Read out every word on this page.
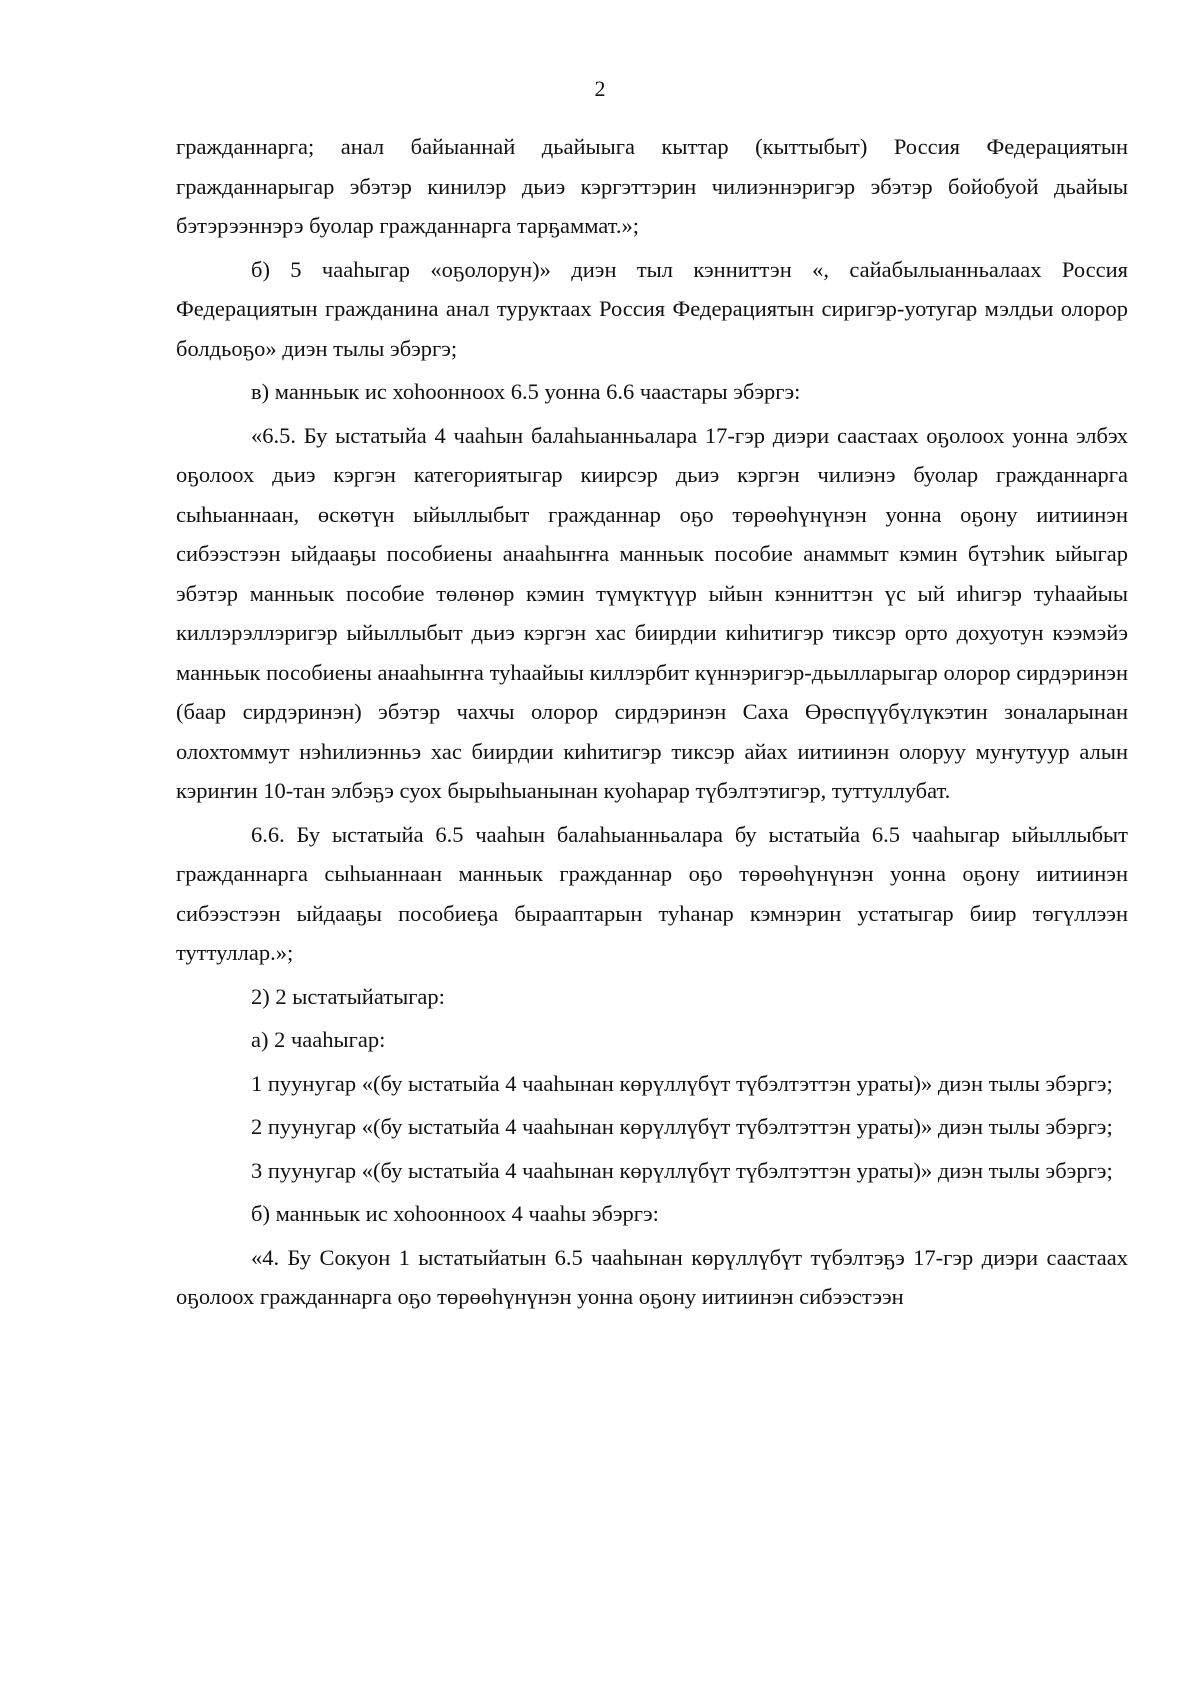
2

гражданнарга; анал байыаннай дьайыыга кыттар (кыттыбыт) Россия Федерациятын гражданнарыгар эбэтэр кинилэр дьиэ кэргэттэрин чилиэннэригэр эбэтэр бойобуой дьайыы бэтэрээннэрэ буолар гражданнарга тарҕаммат.»;

б) 5 чааһыгар «оҕолорун)» диэн тыл кэнниттэн «, сайабылыанньалаах Россия Федерациятын гражданина анал туруктаах Россия Федерациятын сиригэр-уотугар мэлдьи олорор болдьоҕо» диэн тылы эбэргэ;

в) манньык ис хоһоонноох 6.5 уонна 6.6 чаастары эбэргэ:

«6.5. Бу ыстатыйа 4 чааһын балаһыанньалара 17-гэр диэри саастаах оҕолоох уонна элбэх оҕолоох дьиэ кэргэн категориятыгар киирсэр дьиэ кэргэн чилиэнэ буолар гражданнарга сыһыаннаан, өскөтүн ыйыллыбыт гражданнар оҕо төрөөһүнүнэн уонна оҕону иитиинэн сибээстээн ыйдааҕы пособиены анааһыҥҥа манньык пособие анаммыт кэмин бүтэһик ыйыгар эбэтэр манньык пособие төлөнөр кэмин түмүктүүр ыйын кэнниттэн үс ый иһигэр туһаайыы киллэрэллэригэр ыйыллыбыт дьиэ кэргэн хас биирдии киһитигэр тиксэр орто дохуотун кээмэйэ манньык пособиены анааһыҥҥа туһаайыы киллэрбит күннэригэр-дьылларыгар олорор сирдэринэн (баар сирдэринэн) эбэтэр чахчы олорор сирдэринэн Саха Өрөспүүбүлүкэтин зоналарынан олохтоммут нэһилиэнньэ хас биирдии киһитигэр тиксэр айах иитиинэн олоруу муҥутуур алын кэриҥин 10-тан элбэҕэ суох бырыһыанынан куоһарар түбэлтэтигэр, туттуллубат.

6.6. Бу ыстатыйа 6.5 чааһын балаһыанньалара бу ыстатыйа 6.5 чааһыгар ыйыллыбыт гражданнарга сыһыаннаан манньык гражданнар оҕо төрөөһүнүнэн уонна оҕону иитиинэн сибээстээн ыйдааҕы пособиеҕа бырааптарын туһанар кэмнэрин устатыгар биир төгүллээн туттуллар.»;

2) 2 ыстатыйатыгар:

а) 2 чааһыгар:

1 пуунугар «(бу ыстатыйа 4 чааһынан көрүллүбүт түбэлтэттэн ураты)» диэн тылы эбэргэ;

2 пуунугар «(бу ыстатыйа 4 чааһынан көрүллүбүт түбэлтэттэн ураты)» диэн тылы эбэргэ;

3 пуунугар «(бу ыстатыйа 4 чааһынан көрүллүбүт түбэлтэттэн ураты)» диэн тылы эбэргэ;

б) манньык ис хоһоонноох 4 чааһы эбэргэ:

«4. Бу Сокуон 1 ыстатыйатын 6.5 чааһынан көрүллүбүт түбэлтэҕэ 17-гэр диэри саастаах оҕолоох гражданнарга оҕо төрөөһүнүнэн уонна оҕону иитиинэн сибээстээн
